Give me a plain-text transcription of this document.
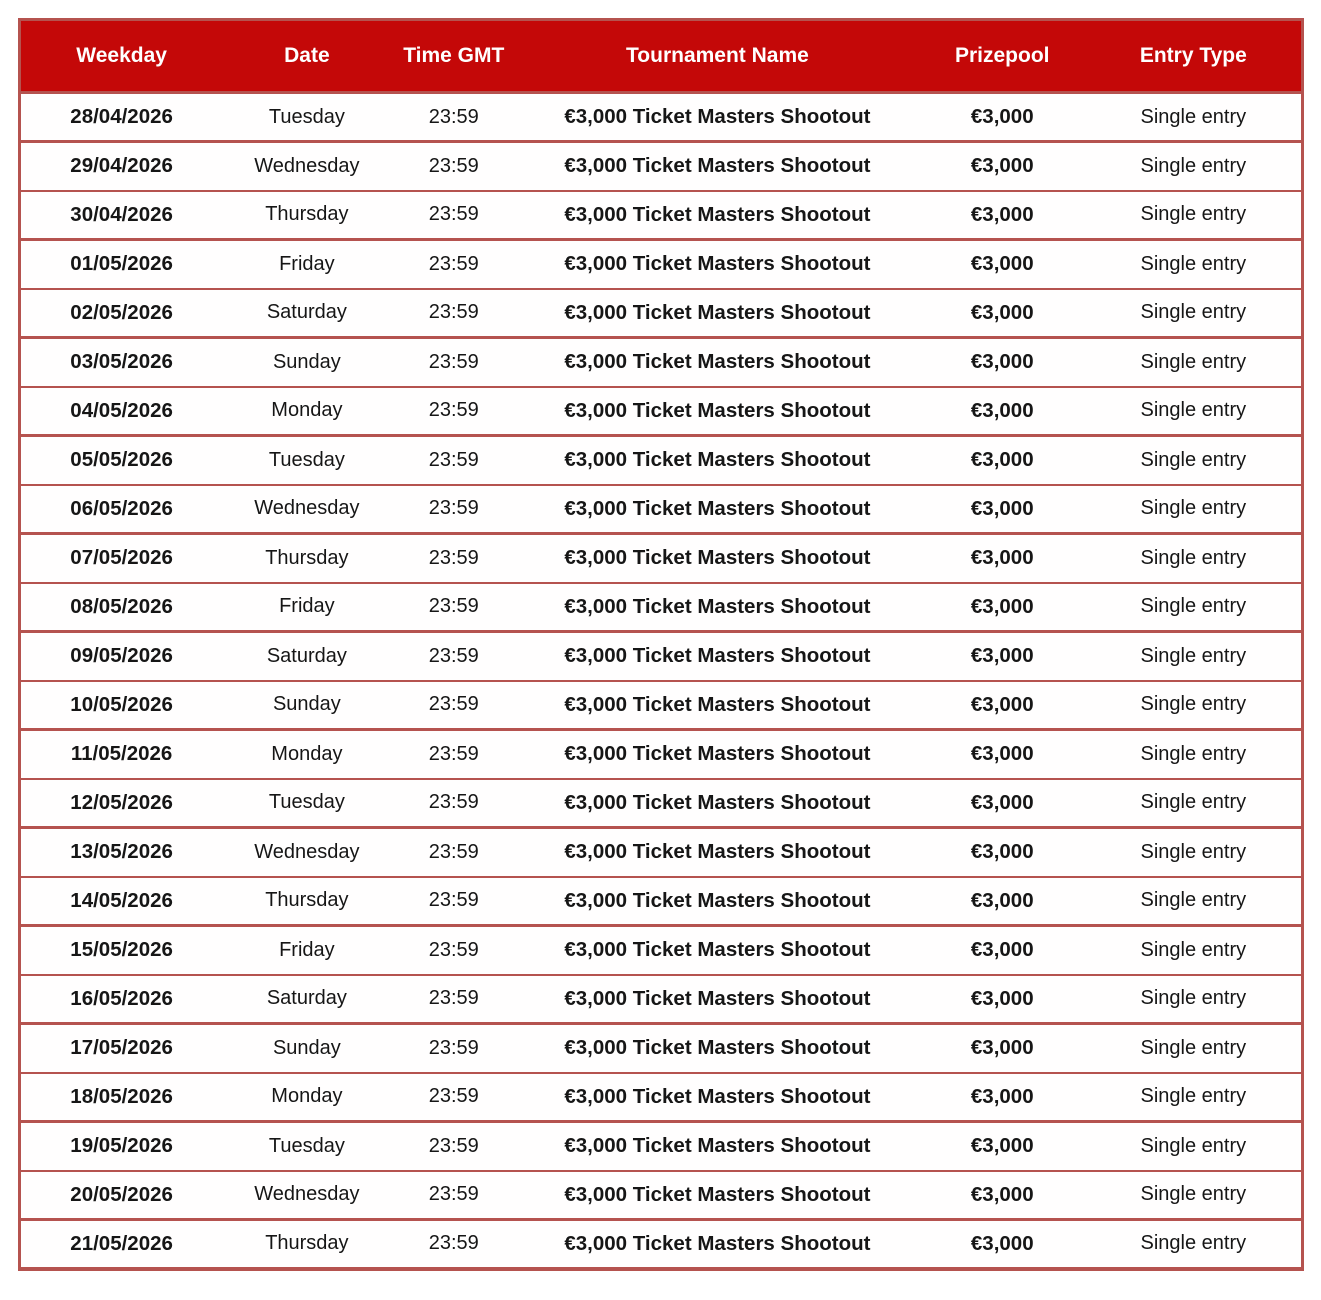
Weekday	Date	Time GMT	Tournament Name	Prizepool	Entry Type
28/04/2026	Tuesday	23:59	€3,000 Ticket Masters Shootout	€3,000	Single entry
29/04/2026	Wednesday	23:59	€3,000 Ticket Masters Shootout	€3,000	Single entry
30/04/2026	Thursday	23:59	€3,000 Ticket Masters Shootout	€3,000	Single entry
01/05/2026	Friday	23:59	€3,000 Ticket Masters Shootout	€3,000	Single entry
02/05/2026	Saturday	23:59	€3,000 Ticket Masters Shootout	€3,000	Single entry
03/05/2026	Sunday	23:59	€3,000 Ticket Masters Shootout	€3,000	Single entry
04/05/2026	Monday	23:59	€3,000 Ticket Masters Shootout	€3,000	Single entry
05/05/2026	Tuesday	23:59	€3,000 Ticket Masters Shootout	€3,000	Single entry
06/05/2026	Wednesday	23:59	€3,000 Ticket Masters Shootout	€3,000	Single entry
07/05/2026	Thursday	23:59	€3,000 Ticket Masters Shootout	€3,000	Single entry
08/05/2026	Friday	23:59	€3,000 Ticket Masters Shootout	€3,000	Single entry
09/05/2026	Saturday	23:59	€3,000 Ticket Masters Shootout	€3,000	Single entry
10/05/2026	Sunday	23:59	€3,000 Ticket Masters Shootout	€3,000	Single entry
11/05/2026	Monday	23:59	€3,000 Ticket Masters Shootout	€3,000	Single entry
12/05/2026	Tuesday	23:59	€3,000 Ticket Masters Shootout	€3,000	Single entry
13/05/2026	Wednesday	23:59	€3,000 Ticket Masters Shootout	€3,000	Single entry
14/05/2026	Thursday	23:59	€3,000 Ticket Masters Shootout	€3,000	Single entry
15/05/2026	Friday	23:59	€3,000 Ticket Masters Shootout	€3,000	Single entry
16/05/2026	Saturday	23:59	€3,000 Ticket Masters Shootout	€3,000	Single entry
17/05/2026	Sunday	23:59	€3,000 Ticket Masters Shootout	€3,000	Single entry
18/05/2026	Monday	23:59	€3,000 Ticket Masters Shootout	€3,000	Single entry
19/05/2026	Tuesday	23:59	€3,000 Ticket Masters Shootout	€3,000	Single entry
20/05/2026	Wednesday	23:59	€3,000 Ticket Masters Shootout	€3,000	Single entry
21/05/2026	Thursday	23:59	€3,000 Ticket Masters Shootout	€3,000	Single entry
